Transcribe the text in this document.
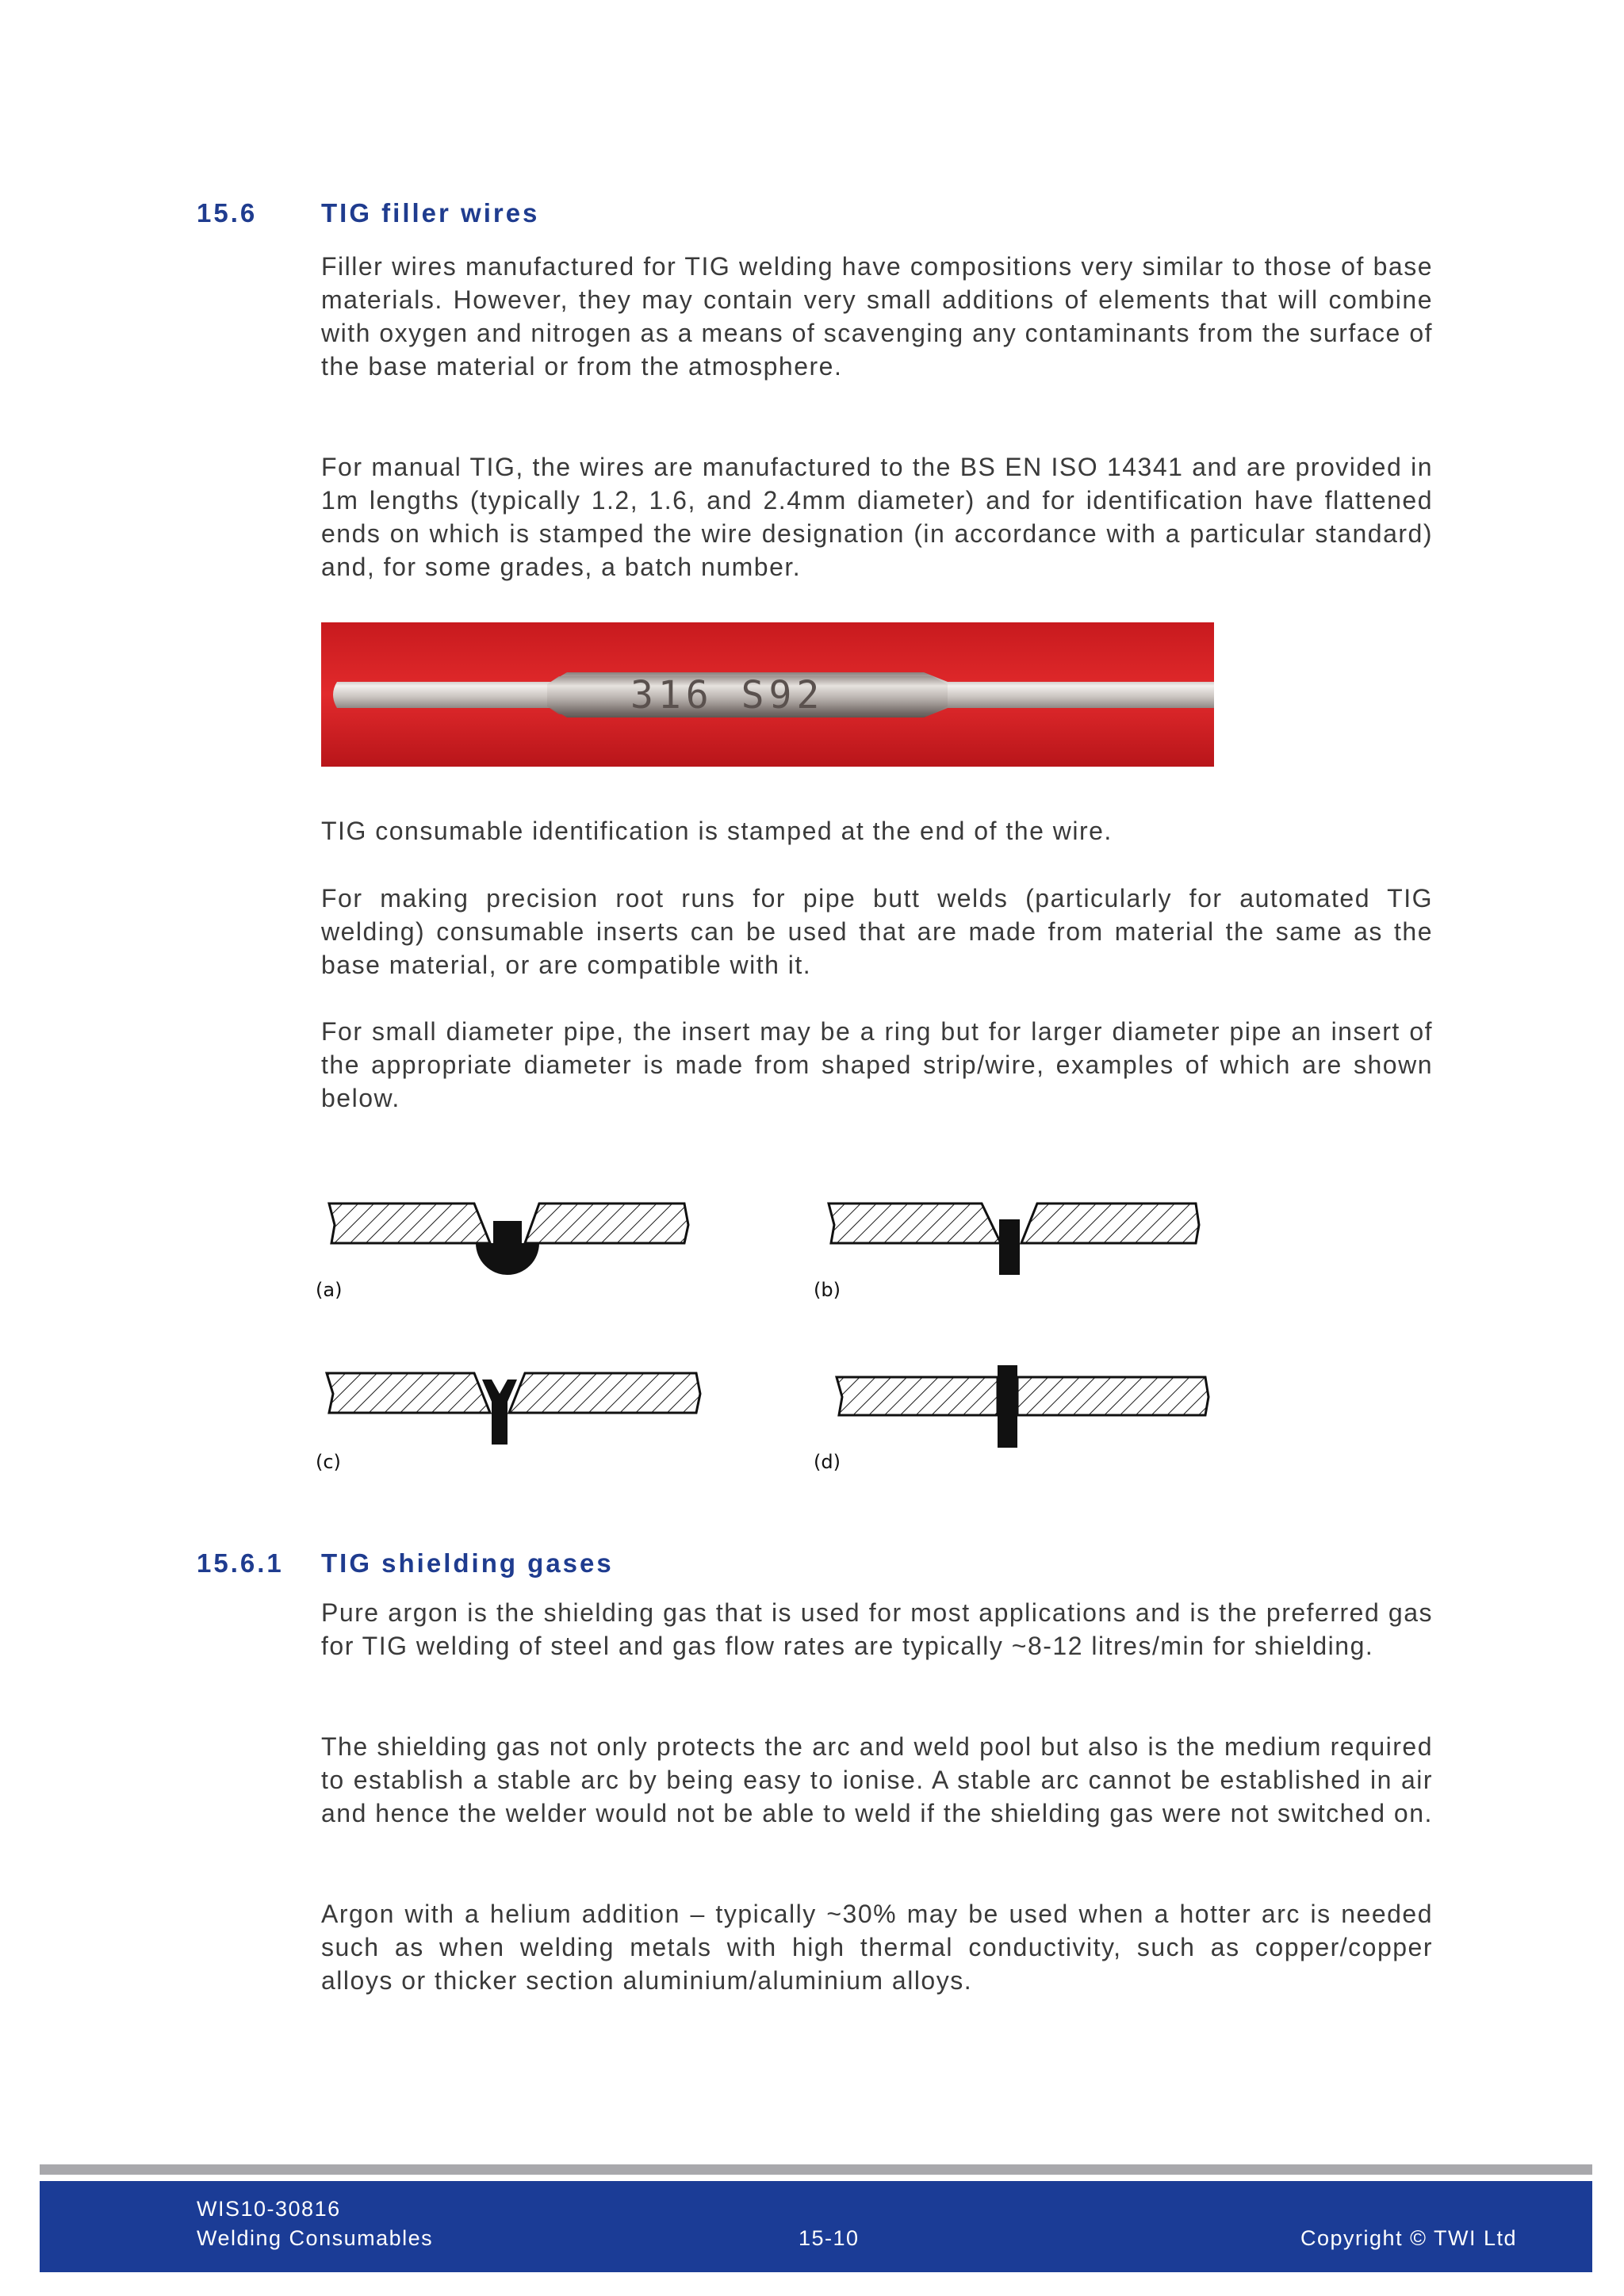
15.6 TIG filler wires

Filler wires manufactured for TIG welding have compositions very similar to those of base materials. However, they may contain very small additions of elements that will combine with oxygen and nitrogen as a means of scavenging any contaminants from the surface of the base material or from the atmosphere.

For manual TIG, the wires are manufactured to the BS EN ISO 14341 and are provided in 1m lengths (typically 1.2, 1.6, and 2.4mm diameter) and for identification have flattened ends on which is stamped the wire designation (in accordance with a particular standard) and, for some grades, a batch number.

316 S92

TIG consumable identification is stamped at the end of the wire.

For making precision root runs for pipe butt welds (particularly for automated TIG welding) consumable inserts can be used that are made from material the same as the base material, or are compatible with it.

For small diameter pipe, the insert may be a ring but for larger diameter pipe an insert of the appropriate diameter is made from shaped strip/wire, examples of which are shown below.

(a)	(b)
(c)	(d)
15.6.1 TIG shielding gases

Pure argon is the shielding gas that is used for most applications and is the preferred gas for TIG welding of steel and gas flow rates are typically ~8-12 litres/min for shielding.

The shielding gas not only protects the arc and weld pool but also is the medium required to establish a stable arc by being easy to ionise. A stable arc cannot be established in air and hence the welder would not be able to weld if the shielding gas were not switched on.

Argon with a helium addition – typically ~30% may be used when a hotter arc is needed such as when welding metals with high thermal conductivity, such as copper/copper alloys or thicker section aluminium/aluminium alloys.

WIS10-30816
Welding Consumables	15-10	Copyright © TWI Ltd
